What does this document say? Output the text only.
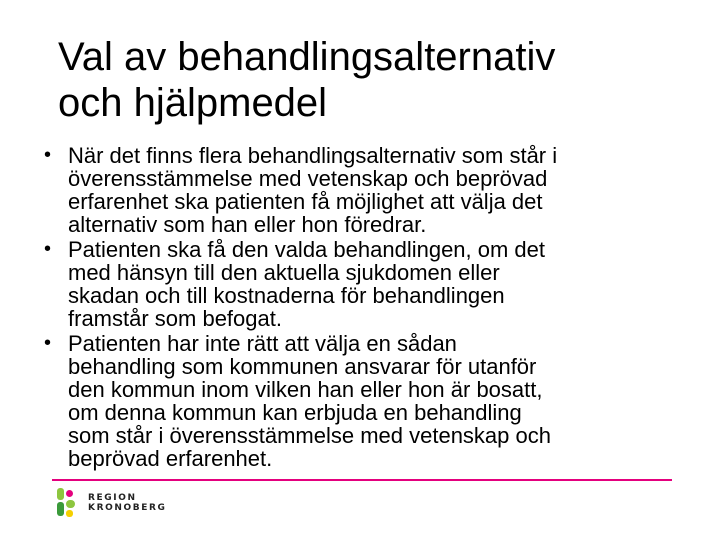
Val av behandlingsalternativ
och hjälpmedel
• När det finns flera behandlingsalternativ som står i
överensstämmelse med vetenskap och beprövad
erfarenhet ska patienten få möjlighet att välja det
alternativ som han eller hon föredrar.
• Patienten ska få den valda behandlingen, om det
med hänsyn till den aktuella sjukdomen eller
skadan och till kostnaderna för behandlingen
framstår som befogat.
• Patienten har inte rätt att välja en sådan
behandling som kommunen ansvarar för utanför
den kommun inom vilken han eller hon är bosatt,
om denna kommun kan erbjuda en behandling
som står i överensstämmelse med vetenskap och
beprövad erfarenhet.
REGION
KRONOBERG
